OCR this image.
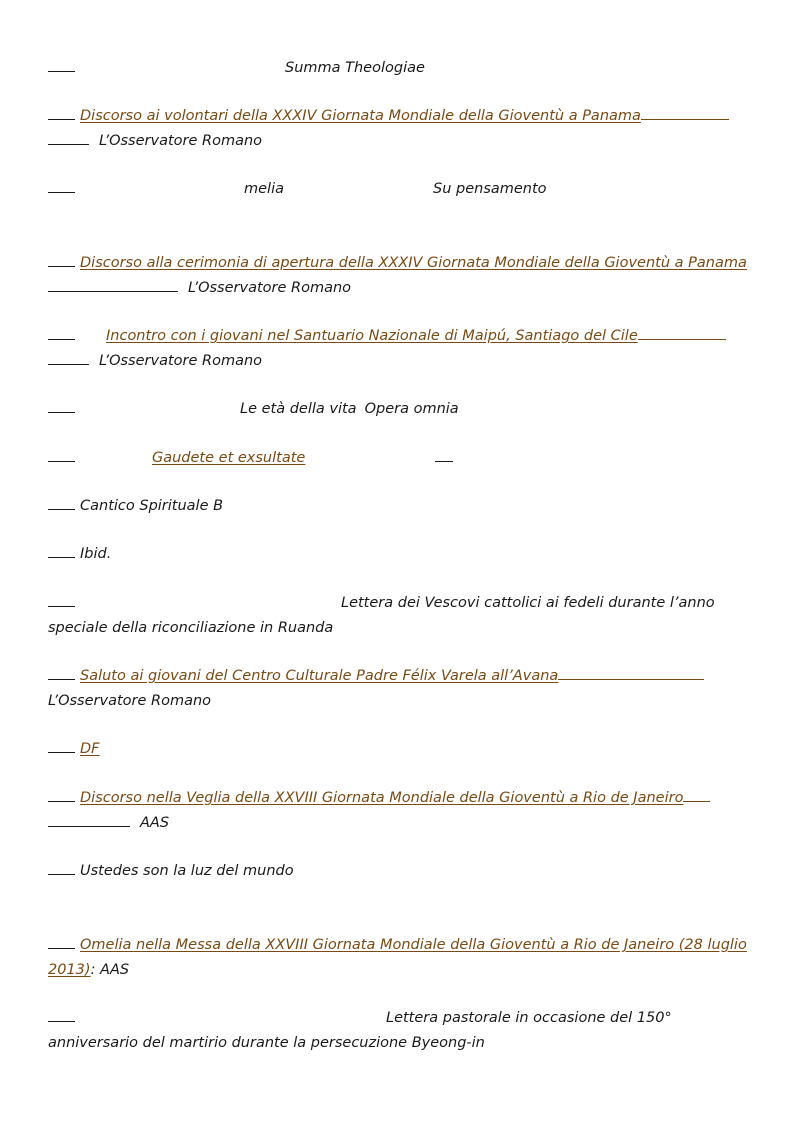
Summa Theologiae
Discorso ai volontari della XXXIV Giornata Mondiale della Gioventù a Panama
L’Osservatore Romano
melia	Su pensamento
Discorso alla cerimonia di apertura della XXXIV Giornata Mondiale della Gioventù a Panama
L’Osservatore Romano
Incontro con i giovani nel Santuario Nazionale di Maipú, Santiago del Cile
L’Osservatore Romano
Le età della vita Opera omnia
Gaudete et exsultate
Cantico Spirituale B
Ibid.
Lettera dei Vescovi cattolici ai fedeli durante l’anno
speciale della riconciliazione in Ruanda
Saluto ai giovani del Centro Culturale Padre Félix Varela all’Avana
L’Osservatore Romano
DF
Discorso nella Veglia della XXVIII Giornata Mondiale della Gioventù a Rio de Janeiro
AAS
Ustedes son la luz del mundo
Omelia nella Messa della XXVIII Giornata Mondiale della Gioventù a Rio de Janeiro (28 luglio
2013): AAS
Lettera pastorale in occasione del 150°
anniversario del martirio durante la persecuzione Byeong-in
